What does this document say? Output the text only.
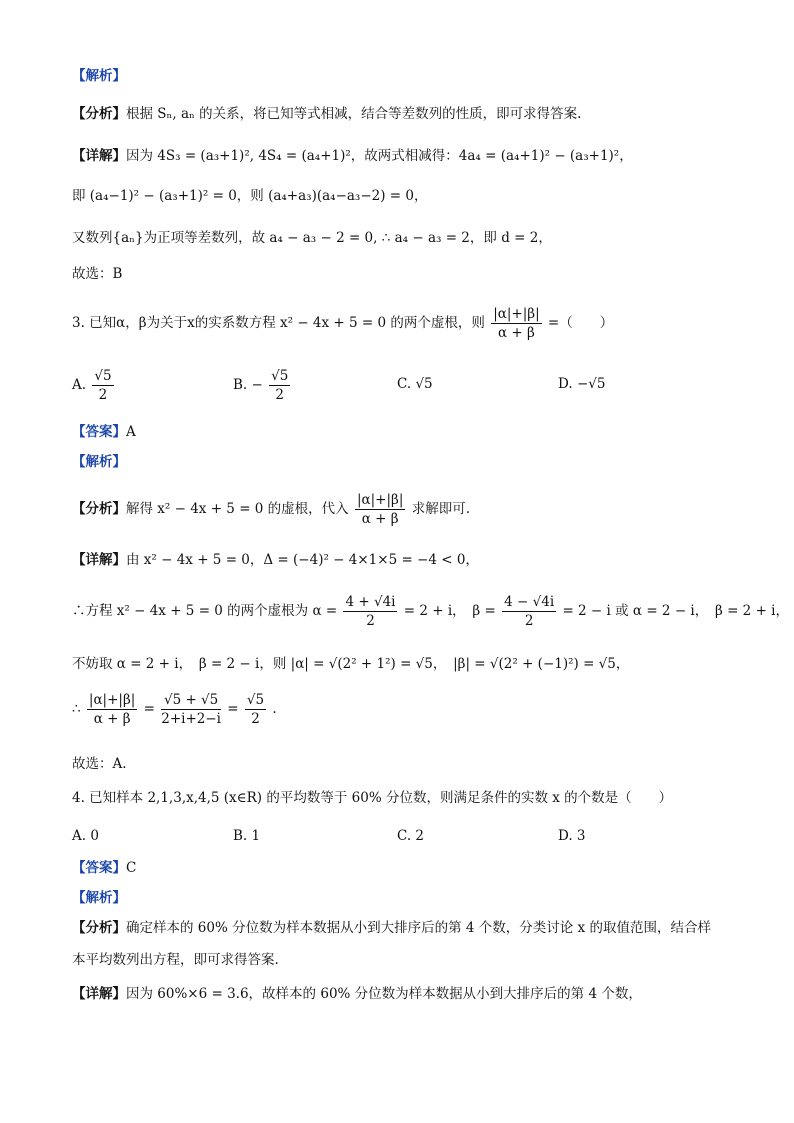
【解析】
【分析】根据 Sₙ, aₙ 的关系，将已知等式相减，结合等差数列的性质，即可求得答案.
【详解】因为 4S₃ = (a₃+1)², 4S₄ = (a₄+1)²，故两式相减得：4a₄ = (a₄+1)² − (a₃+1)²，
即 (a₄−1)² − (a₃+1)² = 0，则 (a₄+a₃)(a₄−a₃−2) = 0，
又数列{aₙ}为正项等差数列，故 a₄ − a₃ − 2 = 0, ∴ a₄ − a₃ = 2，即 d = 2，
故选：B
3. 已知α，β为关于x的实系数方程 x² − 4x + 5 = 0 的两个虚根，则 $\frac{|\alpha|+|\beta|}{\alpha + \beta}$ =（　　）
A. $\frac{√5}{2}$	B. − $\frac{√5}{2}$	C. √5	D. −√5
【答案】A
【解析】
【分析】解得 x² − 4x + 5 = 0 的虚根，代入 $\frac{|\alpha|+|\beta|}{\alpha + \beta}$ 求解即可.
【详解】由 x² − 4x + 5 = 0，Δ = (−4)² − 4×1×5 = −4 < 0，
∴方程 x² − 4x + 5 = 0 的两个虚根为 $\alpha = \frac{4 + √4i}{2} = 2 + i$，　$\beta = \frac{4 - √4i}{2} = 2 - i$ 或 α = 2 − i，　β = 2 + i，
不妨取 α = 2 + i，　β = 2 − i，则 |α| = √(2² + 1²) = √5，　|β| = √(2² + (−1)²) = √5，
∴ $\frac{|\alpha|+|\beta|}{\alpha + \beta} = \frac{√5 + √5}{2+i+2-i} = \frac{√5}{2}$ .
故选：A.
4. 已知样本 2,1,3,x,4,5 (x∈R) 的平均数等于 60% 分位数，则满足条件的实数 x 的个数是（　　）
A. 0	B. 1	C. 2	D. 3
【答案】C
【解析】
【分析】确定样本的 60% 分位数为样本数据从小到大排序后的第 4 个数，分类讨论 x 的取值范围，结合样
本平均数列出方程，即可求得答案.
【详解】因为 60%×6 = 3.6，故样本的 60% 分位数为样本数据从小到大排序后的第 4 个数，
